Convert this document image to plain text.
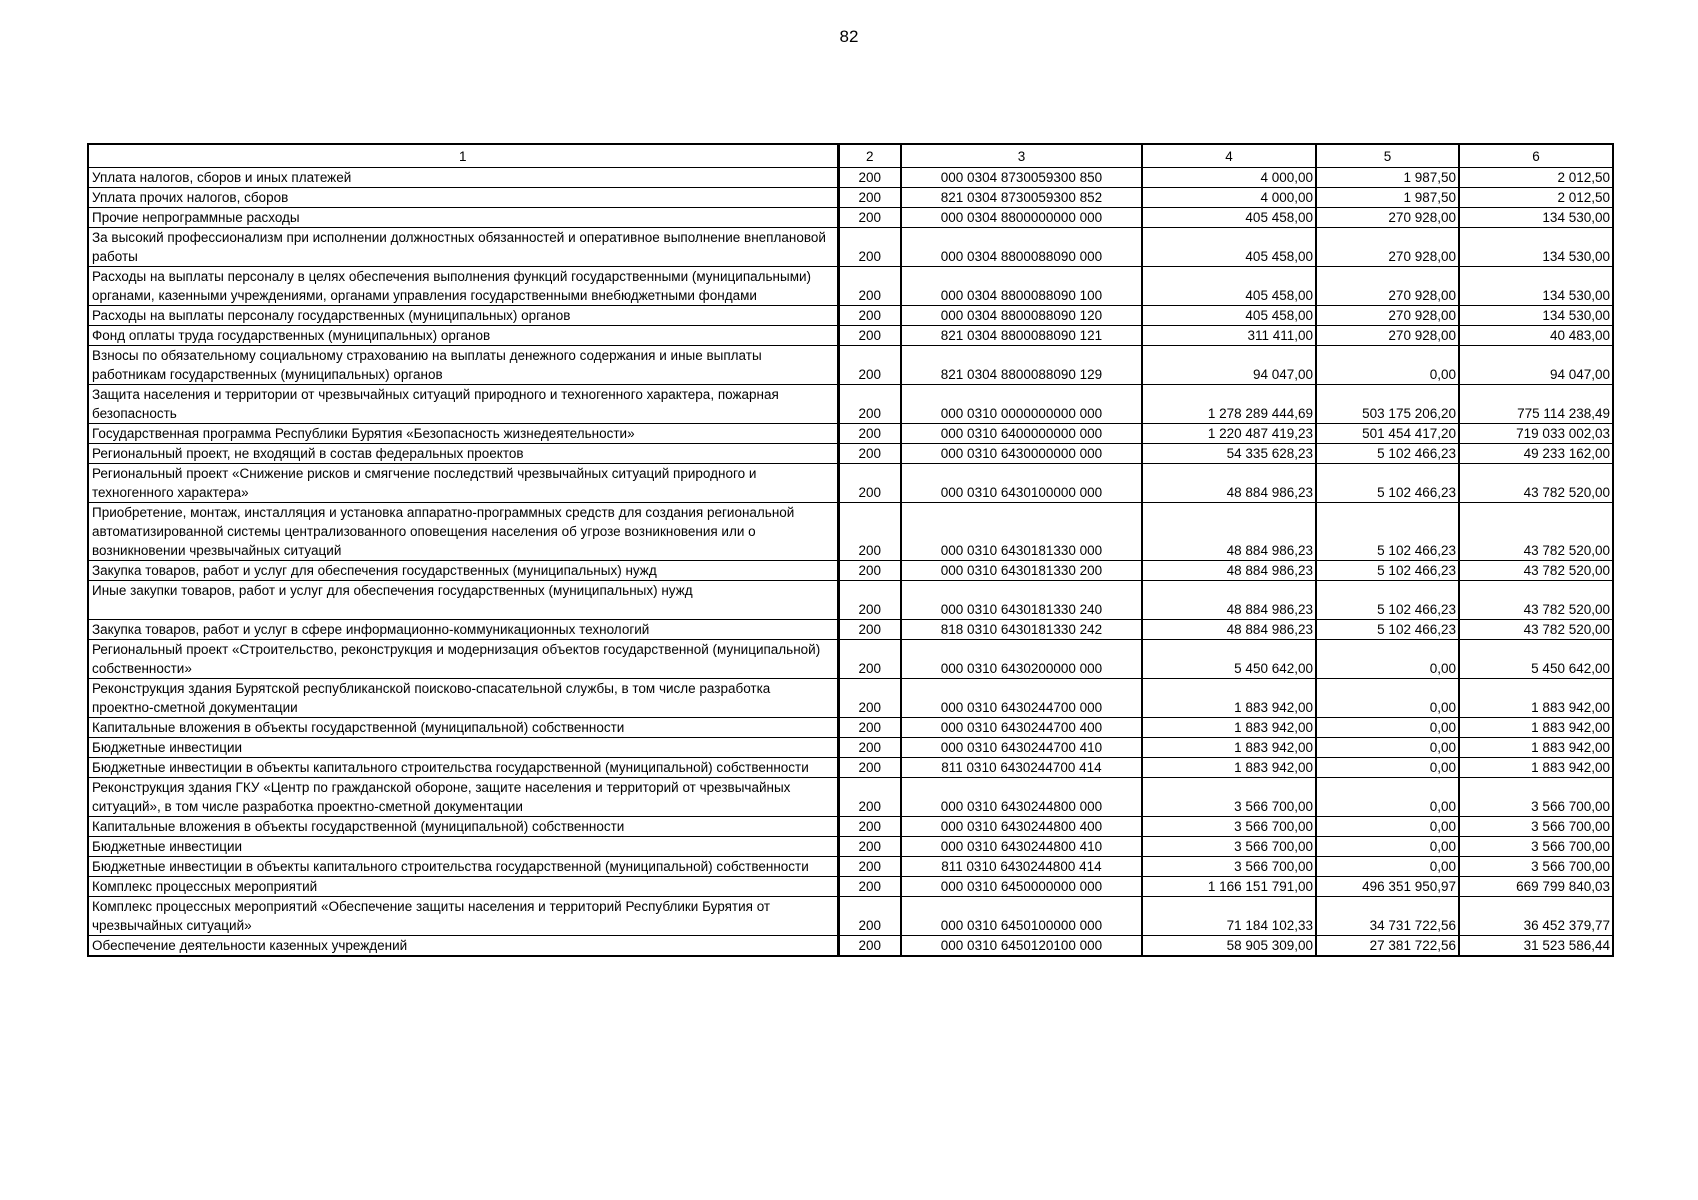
82
1	2	3	4	5	6
Уплата налогов, сборов и иных платежей	200	000 0304 8730059300 850	4 000,00	1 987,50	2 012,50
Уплата прочих налогов, сборов	200	821 0304 8730059300 852	4 000,00	1 987,50	2 012,50
Прочие непрограммные расходы	200	000 0304 8800000000 000	405 458,00	270 928,00	134 530,00
За высокий профессионализм при исполнении должностных обязанностей и оперативное выполнение внеплановой работы	200	000 0304 8800088090 000	405 458,00	270 928,00	134 530,00
Расходы на выплаты персоналу в целях обеспечения выполнения функций государственными (муниципальными) органами, казенными учреждениями, органами управления государственными внебюджетными фондами	200	000 0304 8800088090 100	405 458,00	270 928,00	134 530,00
Расходы на выплаты персоналу государственных (муниципальных) органов	200	000 0304 8800088090 120	405 458,00	270 928,00	134 530,00
Фонд оплаты труда государственных (муниципальных) органов	200	821 0304 8800088090 121	311 411,00	270 928,00	40 483,00
Взносы по обязательному социальному страхованию на выплаты денежного содержания и иные выплаты работникам государственных (муниципальных) органов	200	821 0304 8800088090 129	94 047,00	0,00	94 047,00
Защита населения и территории от чрезвычайных ситуаций природного и техногенного характера, пожарная безопасность	200	000 0310 0000000000 000	1 278 289 444,69	503 175 206,20	775 114 238,49
Государственная программа Республики Бурятия «Безопасность жизнедеятельности»	200	000 0310 6400000000 000	1 220 487 419,23	501 454 417,20	719 033 002,03
Региональный проект, не входящий в состав федеральных проектов	200	000 0310 6430000000 000	54 335 628,23	5 102 466,23	49 233 162,00
Региональный проект «Снижение рисков и смягчение последствий чрезвычайных ситуаций природного и техногенного характера»	200	000 0310 6430100000 000	48 884 986,23	5 102 466,23	43 782 520,00
Приобретение, монтаж, инсталляция и установка аппаратно-программных средств для создания региональной автоматизированной системы централизованного оповещения населения об угрозе возникновения или о возникновении чрезвычайных ситуаций	200	000 0310 6430181330 000	48 884 986,23	5 102 466,23	43 782 520,00
Закупка товаров, работ и услуг для обеспечения государственных (муниципальных) нужд	200	000 0310 6430181330 200	48 884 986,23	5 102 466,23	43 782 520,00
Иные закупки товаров, работ и услуг для обеспечения государственных (муниципальных) нужд	200	000 0310 6430181330 240	48 884 986,23	5 102 466,23	43 782 520,00
Закупка товаров, работ и услуг в сфере информационно-коммуникационных технологий	200	818 0310 6430181330 242	48 884 986,23	5 102 466,23	43 782 520,00
Региональный проект «Строительство, реконструкция и модернизация объектов государственной (муниципальной) собственности»	200	000 0310 6430200000 000	5 450 642,00	0,00	5 450 642,00
Реконструкция здания Бурятской республиканской поисково-спасательной службы, в том числе разработка проектно-сметной документации	200	000 0310 6430244700 000	1 883 942,00	0,00	1 883 942,00
Капитальные вложения в объекты государственной (муниципальной) собственности	200	000 0310 6430244700 400	1 883 942,00	0,00	1 883 942,00
Бюджетные инвестиции	200	000 0310 6430244700 410	1 883 942,00	0,00	1 883 942,00
Бюджетные инвестиции в объекты капитального строительства государственной (муниципальной) собственности	200	811 0310 6430244700 414	1 883 942,00	0,00	1 883 942,00
Реконструкция здания ГКУ «Центр по гражданской обороне, защите населения и территорий от чрезвычайных ситуаций», в том числе разработка проектно-сметной документации	200	000 0310 6430244800 000	3 566 700,00	0,00	3 566 700,00
Капитальные вложения в объекты государственной (муниципальной) собственности	200	000 0310 6430244800 400	3 566 700,00	0,00	3 566 700,00
Бюджетные инвестиции	200	000 0310 6430244800 410	3 566 700,00	0,00	3 566 700,00
Бюджетные инвестиции в объекты капитального строительства государственной (муниципальной) собственности	200	811 0310 6430244800 414	3 566 700,00	0,00	3 566 700,00
Комплекс процессных мероприятий	200	000 0310 6450000000 000	1 166 151 791,00	496 351 950,97	669 799 840,03
Комплекс процессных мероприятий «Обеспечение защиты населения и территорий Республики Бурятия от чрезвычайных ситуаций»	200	000 0310 6450100000 000	71 184 102,33	34 731 722,56	36 452 379,77
Обеспечение деятельности казенных учреждений	200	000 0310 6450120100 000	58 905 309,00	27 381 722,56	31 523 586,44
